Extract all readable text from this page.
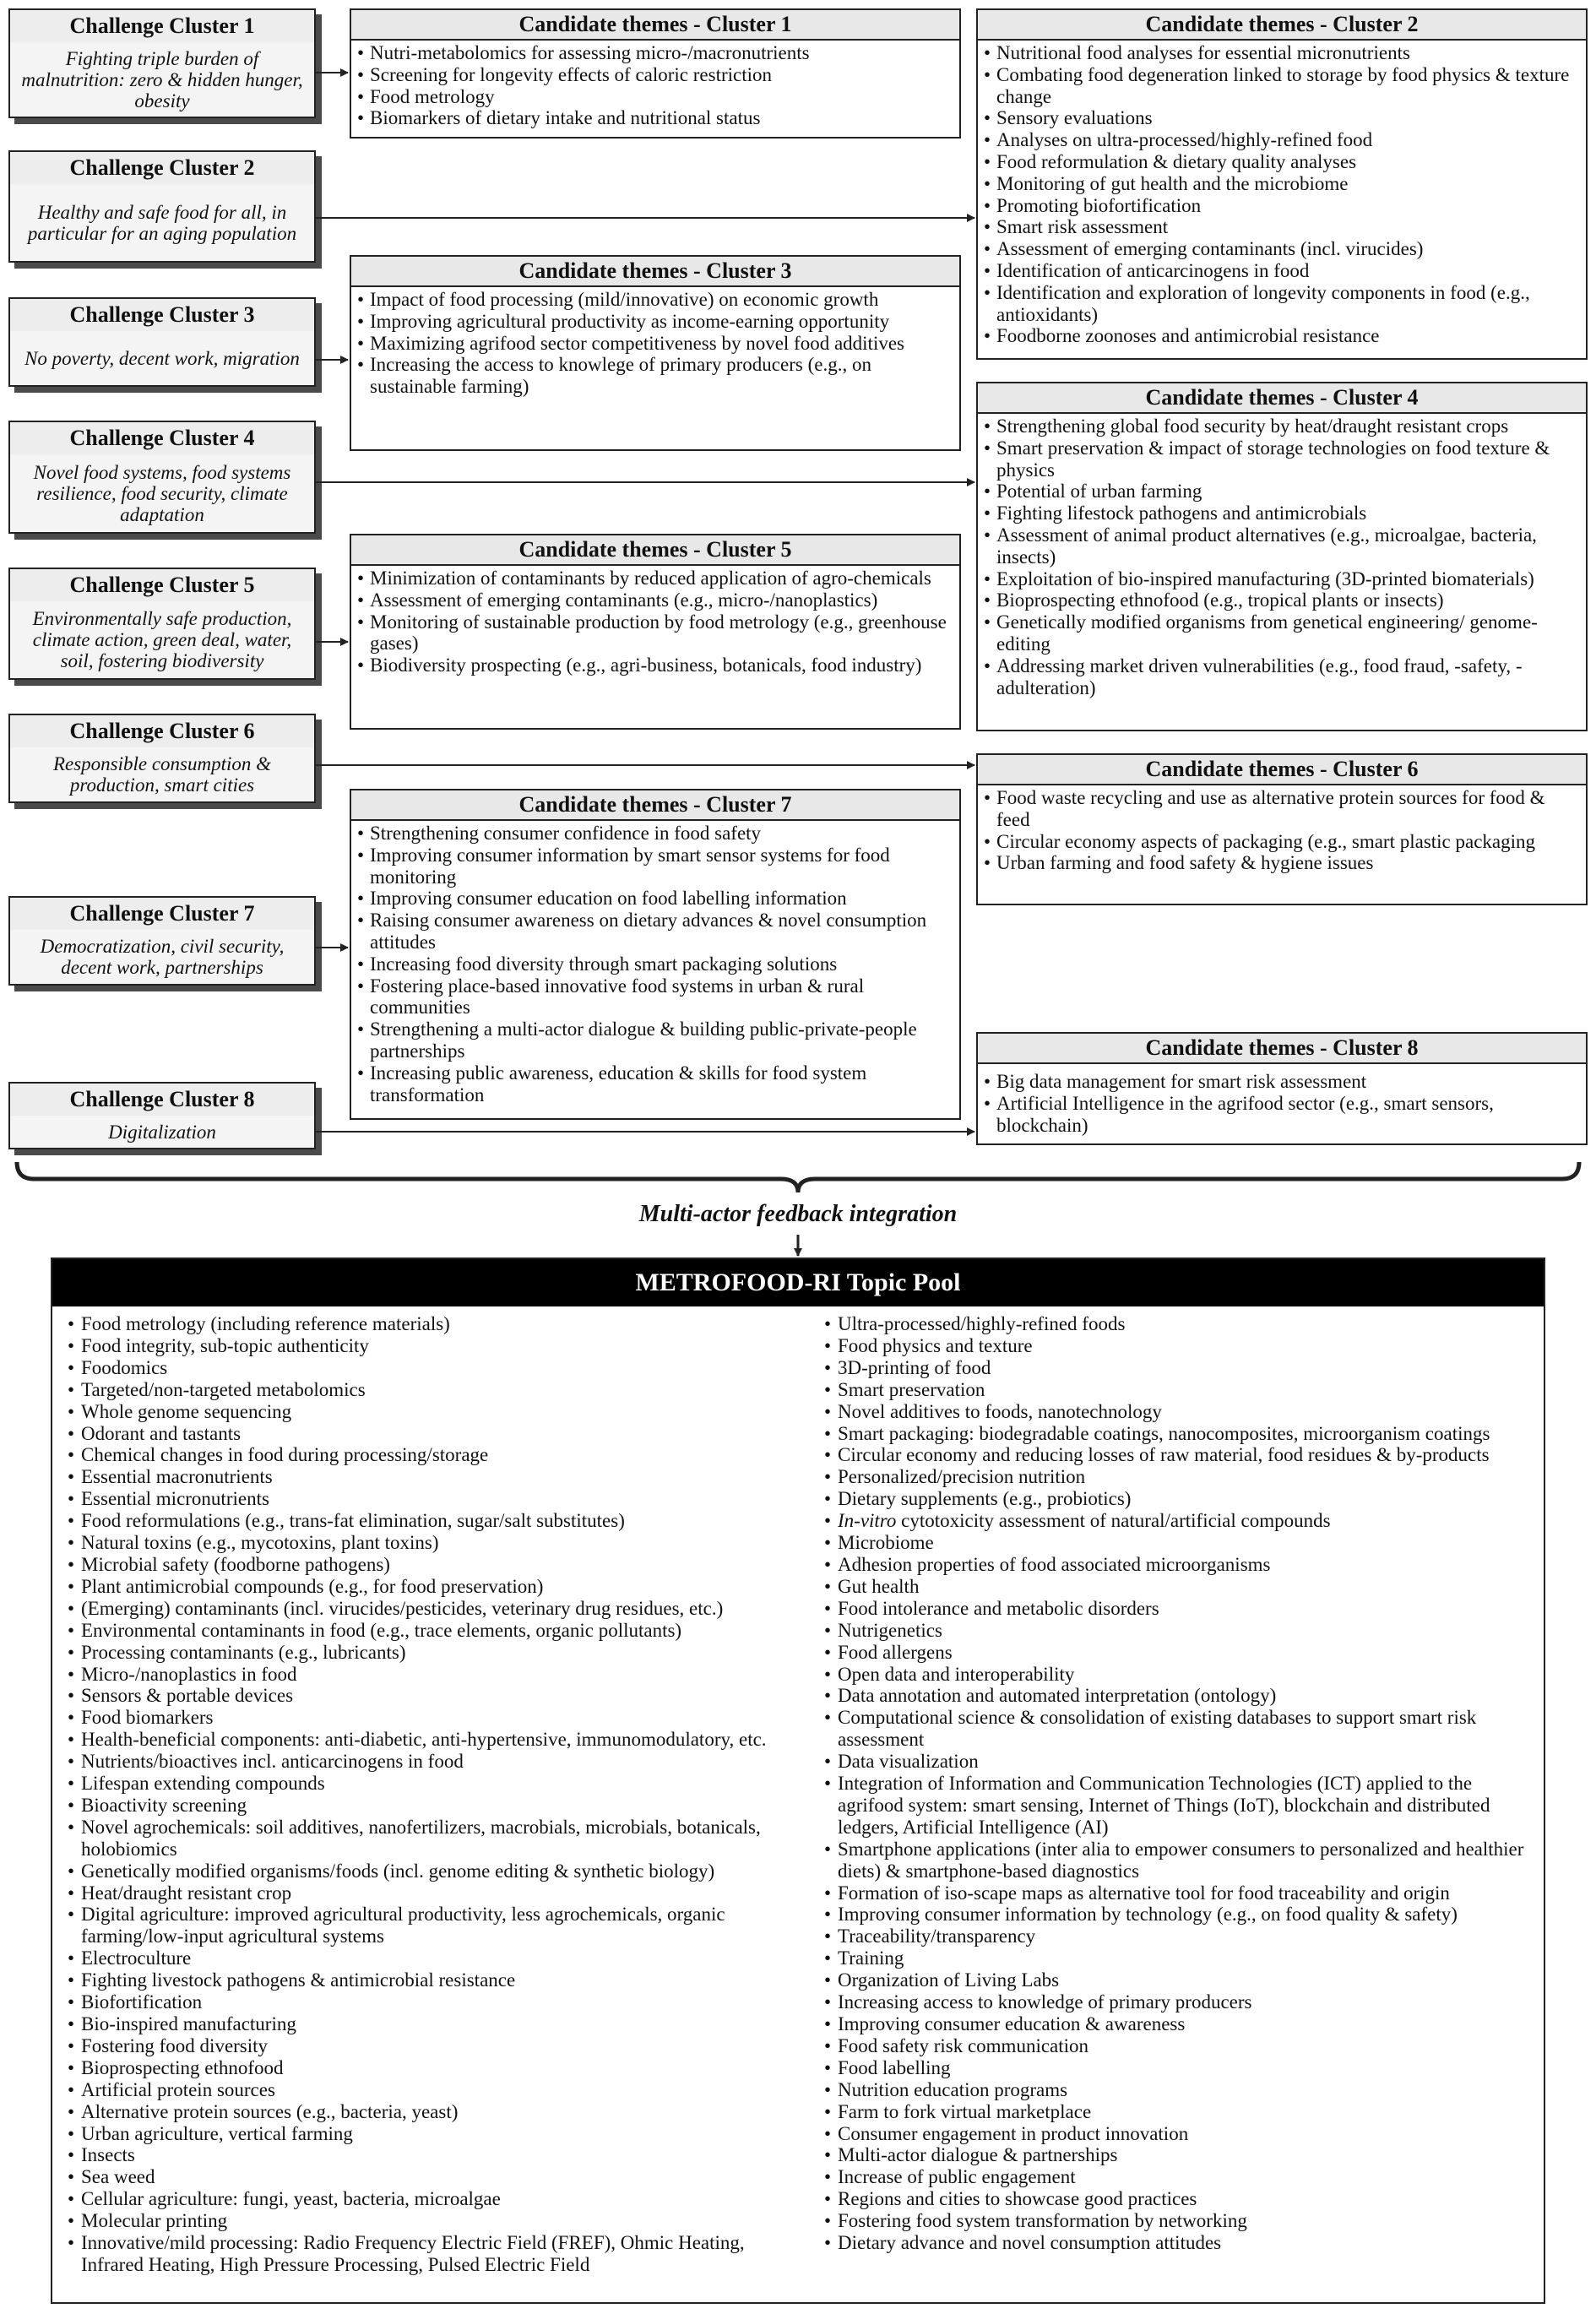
Challenge Cluster 1
Fighting triple burden of malnutrition: zero & hidden hunger, obesity
Challenge Cluster 2
Healthy and safe food for all, in particular for an aging population
Challenge Cluster 3
No poverty, decent work, migration
Challenge Cluster 4
Novel food systems, food systems resilience, food security, climate adaptation
Challenge Cluster 5
Environmentally safe production, climate action, green deal, water, soil, fostering biodiversity
Challenge Cluster 6
Responsible consumption & production, smart cities
Challenge Cluster 7
Democratization, civil security, decent work, partnerships
Challenge Cluster 8
Digitalization
Candidate themes - Cluster 1
• Nutri-metabolomics for assessing micro-/macronutrients
• Screening for longevity effects of caloric restriction
• Food metrology
• Biomarkers of dietary intake and nutritional status
Candidate themes - Cluster 3
• Impact of food processing (mild/innovative) on economic growth
• Improving agricultural productivity as income-earning opportunity
• Maximizing agrifood sector competitiveness by novel food additives
• Increasing the access to knowlege of primary producers (e.g., on sustainable farming)
Candidate themes - Cluster 5
• Minimization of contaminants by reduced application of agro-chemicals
• Assessment of emerging contaminants (e.g., micro-/nanoplastics)
• Monitoring of sustainable production by food metrology (e.g., greenhouse gases)
• Biodiversity prospecting (e.g., agri-business, botanicals, food industry)
Candidate themes - Cluster 7
• Strengthening consumer confidence in food safety
• Improving consumer information by smart sensor systems for food monitoring
• Improving consumer education on food labelling information
• Raising consumer awareness on dietary advances & novel consumption attitudes
• Increasing food diversity through smart packaging solutions
• Fostering place-based innovative food systems in urban & rural communities
• Strengthening a multi-actor dialogue & building public-private-people partnerships
• Increasing public awareness, education & skills for food system transformation
Candidate themes - Cluster 2
• Nutritional food analyses for essential micronutrients
• Combating food degeneration linked to storage by food physics & texture change
• Sensory evaluations
• Analyses on ultra-processed/highly-refined food
• Food reformulation & dietary quality analyses
• Monitoring of gut health and the microbiome
• Promoting biofortification
• Smart risk assessment
• Assessment of emerging contaminants (incl. virucides)
• Identification of anticarcinogens in food
• Identification and exploration of longevity components in food (e.g., antioxidants)
• Foodborne zoonoses and antimicrobial resistance
Candidate themes - Cluster 4
• Strengthening global food security by heat/draught resistant crops
• Smart preservation & impact of storage technologies on food texture & physics
• Potential of urban farming
• Fighting lifestock pathogens and antimicrobials
• Assessment of animal product alternatives (e.g., microalgae, bacteria, insects)
• Exploitation of bio-inspired manufacturing (3D-printed biomaterials)
• Bioprospecting ethnofood (e.g., tropical plants or insects)
• Genetically modified organisms from genetical engineering/ genome-editing
• Addressing market driven vulnerabilities (e.g., food fraud, -safety, -adulteration)
Candidate themes - Cluster 6
• Food waste recycling and use as alternative protein sources for food & feed
• Circular economy aspects of packaging (e.g., smart plastic packaging
• Urban farming and food safety & hygiene issues
Candidate themes - Cluster 8
• Big data management for smart risk assessment
• Artificial Intelligence in the agrifood sector (e.g., smart sensors, blockchain)
Multi-actor feedback integration
METROFOOD-RI Topic Pool
• Food metrology (including reference materials)
• Food integrity, sub-topic authenticity
• Foodomics
• Targeted/non-targeted metabolomics
• Whole genome sequencing
• Odorant and tastants
• Chemical changes in food during processing/storage
• Essential macronutrients
• Essential micronutrients
• Food reformulations (e.g., trans-fat elimination, sugar/salt substitutes)
• Natural toxins (e.g., mycotoxins, plant toxins)
• Microbial safety (foodborne pathogens)
• Plant antimicrobial compounds (e.g., for food preservation)
• (Emerging) contaminants (incl. virucides/pesticides, veterinary drug residues, etc.)
• Environmental contaminants in food (e.g., trace elements, organic pollutants)
• Processing contaminants (e.g., lubricants)
• Micro-/nanoplastics in food
• Sensors & portable devices
• Food biomarkers
• Health-beneficial components: anti-diabetic, anti-hypertensive, immunomodulatory, etc.
• Nutrients/bioactives incl. anticarcinogens in food
• Lifespan extending compounds
• Bioactivity screening
• Novel agrochemicals: soil additives, nanofertilizers, macrobials, microbials, botanicals, holobiomics
• Genetically modified organisms/foods (incl. genome editing & synthetic biology)
• Heat/draught resistant crop
• Digital agriculture: improved agricultural productivity, less agrochemicals, organic farming/low-input agricultural systems
• Electroculture
• Fighting livestock pathogens & antimicrobial resistance
• Biofortification
• Bio-inspired manufacturing
• Fostering food diversity
• Bioprospecting ethnofood
• Artificial protein sources
• Alternative protein sources (e.g., bacteria, yeast)
• Urban agriculture, vertical farming
• Insects
• Sea weed
• Cellular agriculture: fungi, yeast, bacteria, microalgae
• Molecular printing
• Innovative/mild processing: Radio Frequency Electric Field (FREF), Ohmic Heating, Infrared Heating, High Pressure Processing, Pulsed Electric Field
• Ultra-processed/highly-refined foods
• Food physics and texture
• 3D-printing of food
• Smart preservation
• Novel additives to foods, nanotechnology
• Smart packaging: biodegradable coatings, nanocomposites, microorganism coatings
• Circular economy and reducing losses of raw material, food residues & by-products
• Personalized/precision nutrition
• Dietary supplements (e.g., probiotics)
• In-vitro cytotoxicity assessment of natural/artificial compounds
• Microbiome
• Adhesion properties of food associated microorganisms
• Gut health
• Food intolerance and metabolic disorders
• Nutrigenetics
• Food allergens
• Open data and interoperability
• Data annotation and automated interpretation (ontology)
• Computational science & consolidation of existing databases to support smart risk assessment
• Data visualization
• Integration of Information and Communication Technologies (ICT) applied to the agrifood system: smart sensing, Internet of Things (IoT), blockchain and distributed ledgers, Artificial Intelligence (AI)
• Smartphone applications (inter alia to empower consumers to personalized and healthier diets) & smartphone-based diagnostics
• Formation of iso-scape maps as alternative tool for food traceability and origin
• Improving consumer information by technology (e.g., on food quality & safety)
• Traceability/transparency
• Training
• Organization of Living Labs
• Increasing access to knowledge of primary producers
• Improving consumer education & awareness
• Food safety risk communication
• Food labelling
• Nutrition education programs
• Farm to fork virtual marketplace
• Consumer engagement in product innovation
• Multi-actor dialogue & partnerships
• Increase of public engagement
• Regions and cities to showcase good practices
• Fostering food system transformation by networking
• Dietary advance and novel consumption attitudes
